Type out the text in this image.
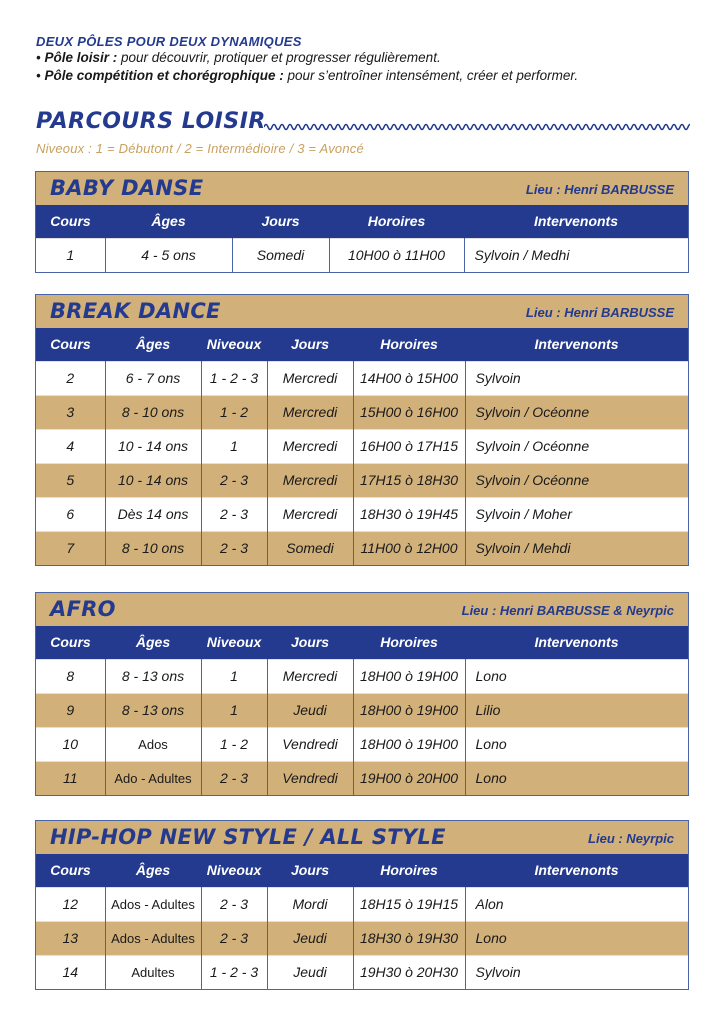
DEUX PÔLES POUR DEUX DYNAMIQUES
• Pôle loisir : pour découvrir, protiquer et progresser régulièrement.
• Pôle compétition et chorégrophique : pour s’entroîner intensément, créer et performer.
PARCOURS LOISIR
Niveoux : 1 = Débutont / 2 = Intermédioire / 3 = Avoncé
BABY DANSE	Lieu : Henri BARBUSSE
Cours	Âges	Jours	Horoires	Intervenonts
1	4 - 5 ons	Somedi	10H00 ò 11H00	Sylvoin / Medhi
BREAK DANCE	Lieu : Henri BARBUSSE
Cours	Âges	Niveoux	Jours	Horoires	Intervenonts
2	6 - 7 ons	1 - 2 - 3	Mercredi	14H00 ò 15H00	Sylvoin
3	8 - 10 ons	1 - 2	Mercredi	15H00 ò 16H00	Sylvoin / Océonne
4	10 - 14 ons	1	Mercredi	16H00 ò 17H15	Sylvoin / Océonne
5	10 - 14 ons	2 - 3	Mercredi	17H15 ò 18H30	Sylvoin / Océonne
6	Dès 14 ons	2 - 3	Mercredi	18H30 ò 19H45	Sylvoin / Moher
7	8 - 10 ons	2 - 3	Somedi	11H00 ò 12H00	Sylvoin / Mehdi
AFRO	Lieu : Henri BARBUSSE & Neyrpic
Cours	Âges	Niveoux	Jours	Horoires	Intervenonts
8	8 - 13 ons	1	Mercredi	18H00 ò 19H00	Lono
9	8 - 13 ons	1	Jeudi	18H00 ò 19H00	Lilio
10	Ados	1 - 2	Vendredi	18H00 ò 19H00	Lono
11	Ado - Adultes	2 - 3	Vendredi	19H00 ò 20H00	Lono
HIP-HOP NEW STYLE / ALL STYLE	Lieu : Neyrpic
Cours	Âges	Niveoux	Jours	Horoires	Intervenonts
12	Ados - Adultes	2 - 3	Mordi	18H15 ò 19H15	Alon
13	Ados - Adultes	2 - 3	Jeudi	18H30 ò 19H30	Lono
14	Adultes	1 - 2 - 3	Jeudi	19H30 ò 20H30	Sylvoin
